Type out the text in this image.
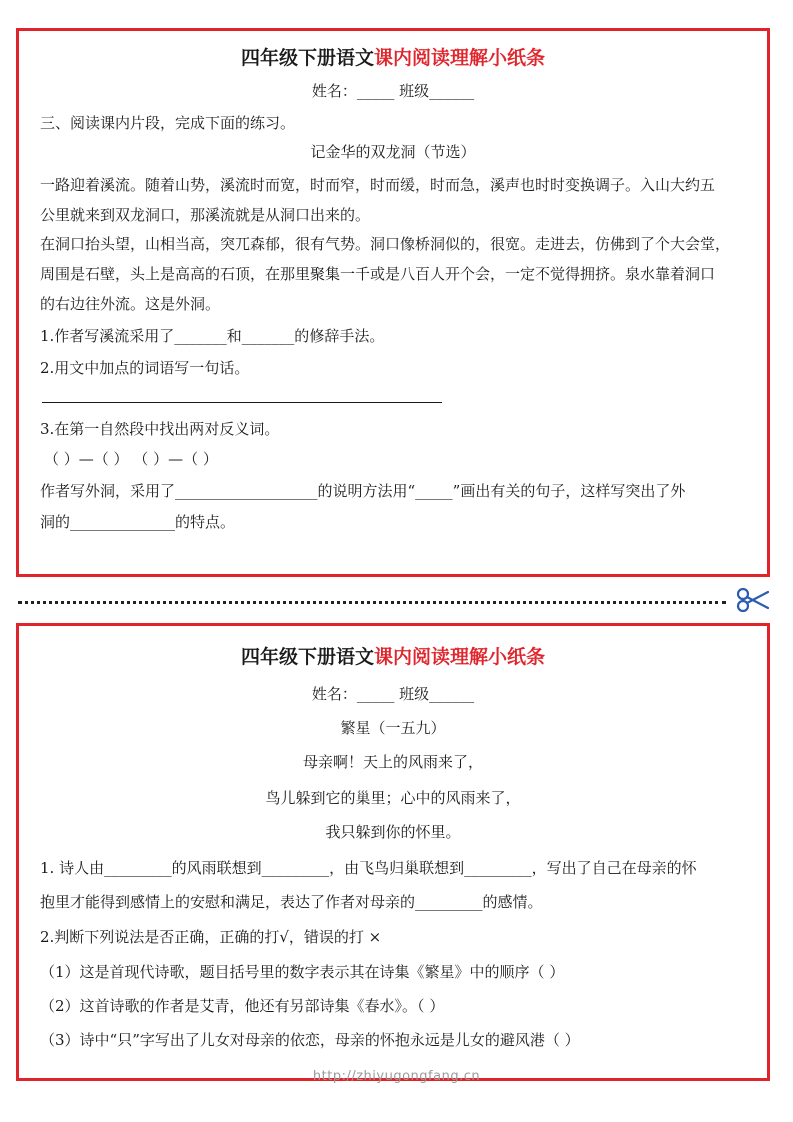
四年级下册语文课内阅读理解小纸条
姓名：_____ 班级______
三、阅读课内片段，完成下面的练习。
记金华的双龙洞（节选）
一路迎着溪流。随着山势，溪流时而宽，时而窄，时而缓，时而急，溪声也时时变换调子。入山大约五
公里就来到双龙洞口，那溪流就是从洞口出来的。
在洞口抬头望，山相当高，突兀森郁，很有气势。洞口像桥洞似的，很宽。走进去，仿佛到了个大会堂，
周围是石壁，头上是高高的石顶，在那里聚集一千或是八百人开个会，一定不觉得拥挤。泉水靠着洞口
的右边往外流。这是外洞。
1.作者写溪流采用了_______和_______的修辞手法。
2.用文中加点的词语写一句话。
3.在第一自然段中找出两对反义词。
（ ）—（ ） （ ）—（ ）
作者写外洞，采用了___________________的说明方法用“_____”画出有关的句子，这样写突出了外
洞的______________的特点。
四年级下册语文课内阅读理解小纸条
姓名：_____ 班级______
繁星（一五九）
母亲啊！天上的风雨来了，
鸟儿躲到它的巢里；心中的风雨来了，
我只躲到你的怀里。
1. 诗人由_________的风雨联想到_________，由飞鸟归巢联想到_________，写出了自己在母亲的怀
抱里才能得到感情上的安慰和满足，表达了作者对母亲的_________的感情。
2.判断下列说法是否正确，正确的打√，错误的打 ×
（1）这是首现代诗歌，题目括号里的数字表示其在诗集《繁星》中的顺序（ ）
（2）这首诗歌的作者是艾青，他还有另部诗集《春水》。（ ）
（3）诗中“只”字写出了儿女对母亲的依恋，母亲的怀抱永远是儿女的避风港（ ）
http://zhiyugongfang.cn
